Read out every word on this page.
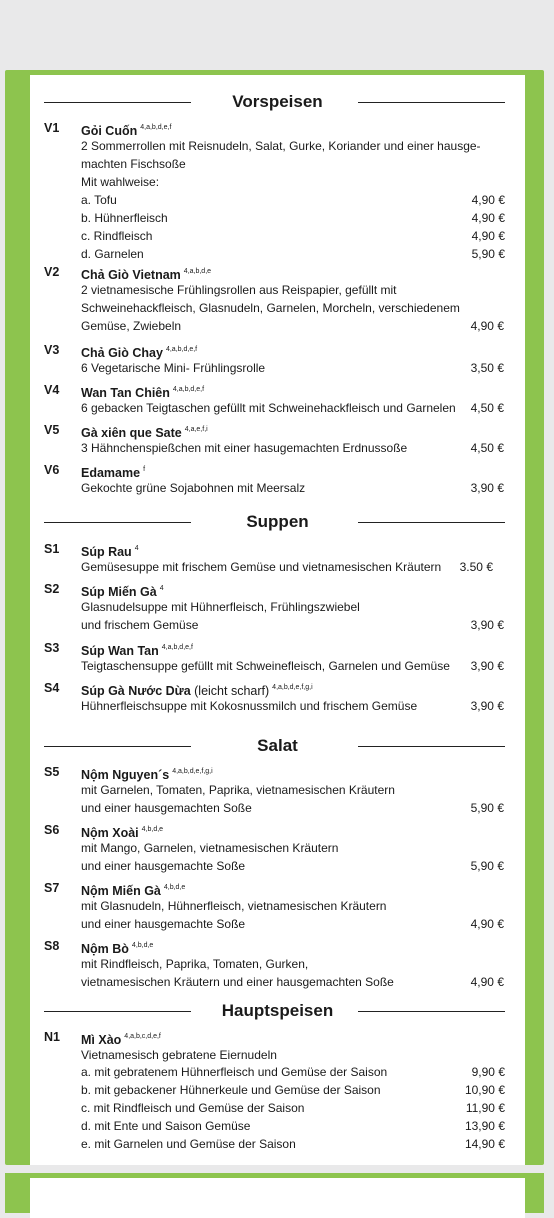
Vorspeisen
V1 Gỏi Cuốn $^{4,a,b,d,e,f}$
2 Sommerrollen mit Reisnudeln, Salat, Gurke, Koriander und einer hausge-
machten Fischsoße
Mit wahlweise:
a. Tofu	4,90 €
b. Hühnerfleisch	4,90 €
c. Rindfleisch	4,90 €
d. Garnelen	5,90 €
V2 Chả Giò Vietnam $^{4,a,b,d,e}$
2 vietnamesische Frühlingsrollen aus Reispapier, gefüllt mit
Schweinehackfleisch, Glasnudeln, Garnelen, Morcheln, verschiedenem
Gemüse, Zwiebeln	4,90 €
V3 Chả Giò Chay $^{4,a,b,d,e,f}$
6 Vegetarische Mini- Frühlingsrolle	3,50 €
V4 Wan Tan Chiên $^{4,a,b,d,e,f}$
6 gebacken Teigtaschen gefüllt mit Schweinehackfleisch und Garnelen	4,50 €
V5 Gà xiên que Sate $^{4,a,e,f,i}$
3 Hähnchenspießchen mit einer hasugemachten Erdnussoße	4,50 €
V6 Edamame $^f$
Gekochte grüne Sojabohnen mit Meersalz	3,90 €
Suppen
S1 Súp Rau $^4$
Gemüsesuppe mit frischem Gemüse und vietnamesischen Kräutern	3.50 €
S2 Súp Miến Gà $^4$
Glasnudelsuppe mit Hühnerfleisch, Frühlingszwiebel
und frischem Gemüse	3,90 €
S3 Súp Wan Tan $^{4,a,b,d,e,f}$
Teigtaschensuppe gefüllt mit Schweinefleisch, Garnelen und Gemüse	3,90 €
S4 Súp Gà Nước Dừa (leicht scharf) $^{4,a,b,d,e,f,g,i}$
Hühnerfleischsuppe mit Kokosnussmilch und frischem Gemüse	3,90 €
Salat
S5 Nộm Nguyen´s $^{4,a,b,d,e,f,g,i}$
mit Garnelen, Tomaten, Paprika, vietnamesischen Kräutern
und einer hausgemachten Soße	5,90 €
S6 Nộm Xoài $^{4,b,d,e}$
mit Mango, Garnelen, vietnamesischen Kräutern
und einer hausgemachte Soße	5,90 €
S7 Nộm Miến Gà $^{4,b,d,e}$
mit Glasnudeln, Hühnerfleisch, vietnamesischen Kräutern
und einer hausgemachte Soße	4,90 €
S8 Nộm Bò $^{4,b,d,e}$
mit Rindfleisch, Paprika, Tomaten, Gurken,
vietnamesischen Kräutern und einer hausgemachten Soße	4,90 €
Hauptspeisen
N1 Mì Xào $^{4,a,b,c,d,e,f}$
Vietnamesisch gebratene Eiernudeln
a. mit gebratenem Hühnerfleisch und Gemüse der Saison	9,90 €
b. mit gebackener Hühnerkeule und Gemüse der Saison	10,90 €
c. mit Rindfleisch und Gemüse der Saison	11,90 €
d. mit Ente und Saison Gemüse	13,90 €
e. mit Garnelen und Gemüse der Saison	14,90 €
